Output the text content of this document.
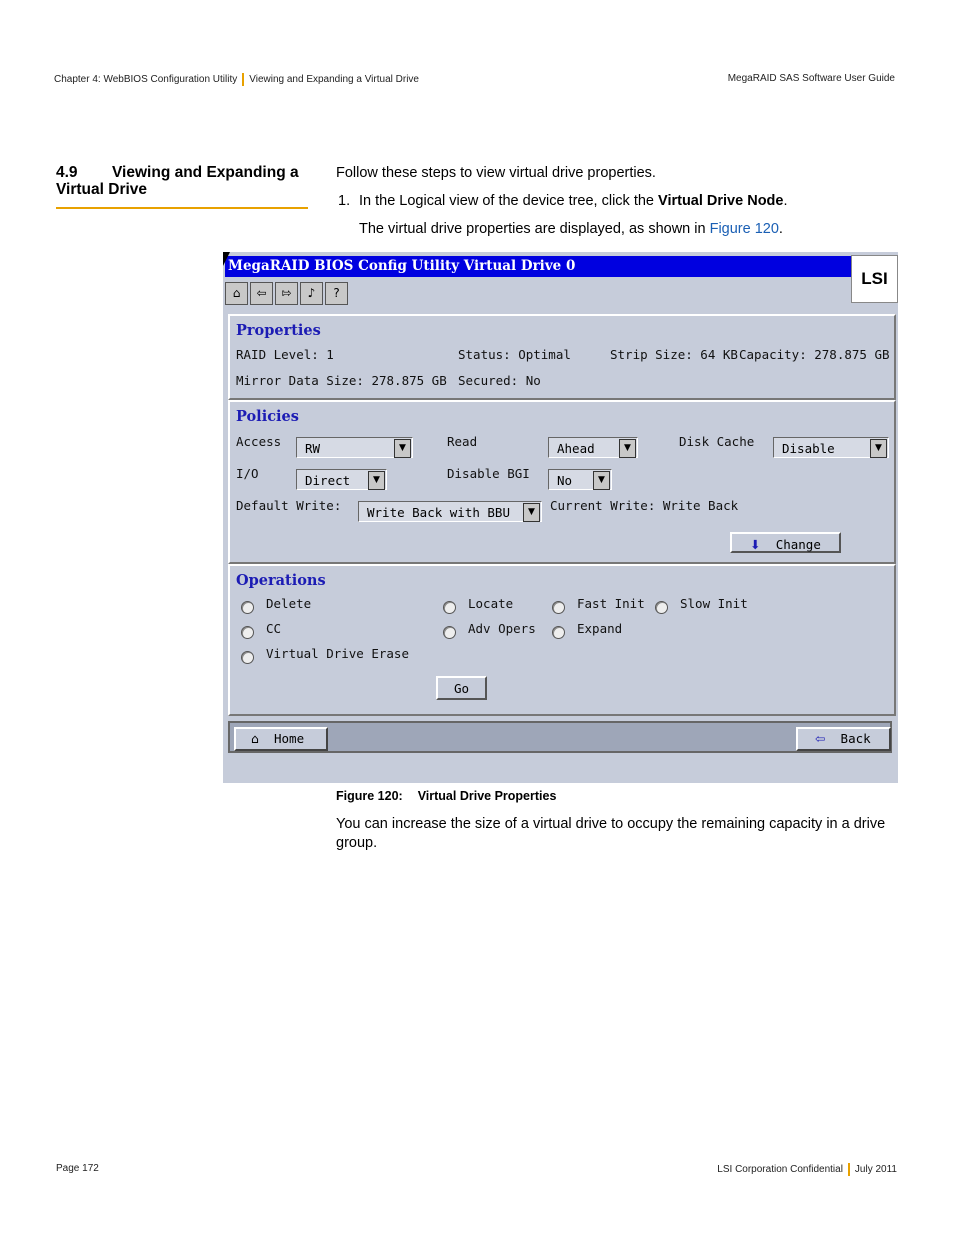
Chapter 4: WebBIOS Configuration Utility Viewing and Expanding a Virtual Drive	MegaRAID SAS Software User Guide
4.9	Viewing and Expanding a Virtual Drive
Follow these steps to view virtual drive properties.
1. In the Logical view of the device tree, click the Virtual Drive Node.
The virtual drive properties are displayed, as shown in Figure 120.
MegaRAID BIOS Config Utility Virtual Drive 0
LSI
⌂	⇦	⇰	♪	?
Properties
RAID Level: 1	Status: Optimal	Strip Size: 64 KB Capacity: 278.875 GB
Mirror Data Size: 278.875 GB Secured: No
Policies
Access	RW	▼	Read	Ahead	▼	Disk Cache	Disable	▼
I/O	Direct	▼	Disable BGI	No	▼
Default Write:	Write Back with BBU	▼	Current Write: Write Back
⬇ Change
Operations
Delete	Locate	Fast Init	Slow Init
CC	Adv Opers	Expand
Virtual Drive Erase
Go
⌂ Home	⇦ Back
Figure 120: Virtual Drive Properties
You can increase the size of a virtual drive to occupy the remaining capacity in a drive group.
Page 172	LSI Corporation Confidential July 2011
